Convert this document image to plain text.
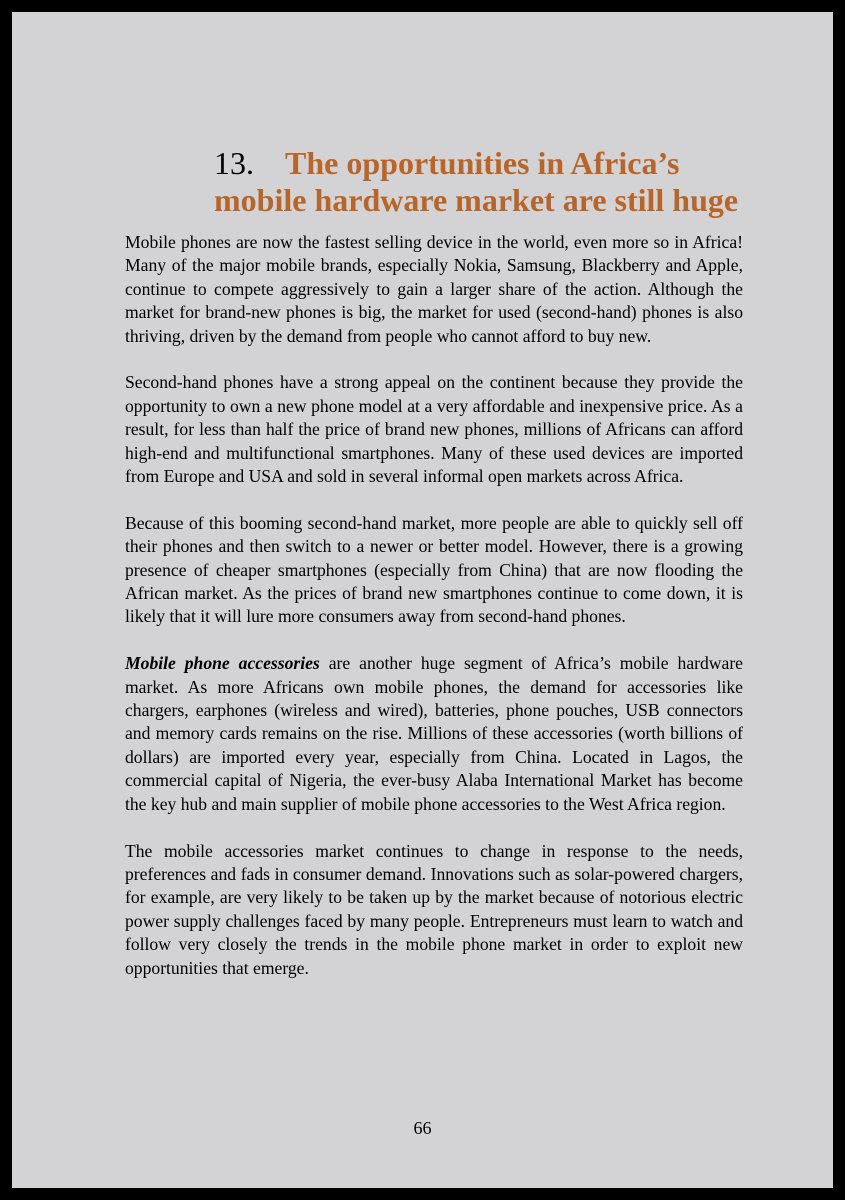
13. The opportunities in Africa’s
mobile hardware market are still huge

Mobile phones are now the fastest selling device in the world, even more so in Africa! Many of the major mobile brands, especially Nokia, Samsung, Blackberry and Apple, continue to compete aggressively to gain a larger share of the action. Although the market for brand-new phones is big, the market for used (second-hand) phones is also thriving, driven by the demand from people who cannot afford to buy new.

Second-hand phones have a strong appeal on the continent because they provide the opportunity to own a new phone model at a very affordable and inexpensive price. As a result, for less than half the price of brand new phones, millions of Africans can afford high-end and multifunctional smartphones. Many of these used devices are imported from Europe and USA and sold in several informal open markets across Africa.

Because of this booming second-hand market, more people are able to quickly sell off their phones and then switch to a newer or better model. However, there is a growing presence of cheaper smartphones (especially from China) that are now flooding the African market. As the prices of brand new smartphones continue to come down, it is likely that it will lure more consumers away from second-hand phones.

Mobile phone accessories are another huge segment of Africa’s mobile hardware market. As more Africans own mobile phones, the demand for accessories like chargers, earphones (wireless and wired), batteries, phone pouches, USB connectors and memory cards remains on the rise. Millions of these accessories (worth billions of dollars) are imported every year, especially from China. Located in Lagos, the commercial capital of Nigeria, the ever-busy Alaba International Market has become the key hub and main supplier of mobile phone accessories to the West Africa region.

The mobile accessories market continues to change in response to the needs, preferences and fads in consumer demand. Innovations such as solar-powered chargers, for example, are very likely to be taken up by the market because of notorious electric power supply challenges faced by many people. Entrepreneurs must learn to watch and follow very closely the trends in the mobile phone market in order to exploit new opportunities that emerge.

66
